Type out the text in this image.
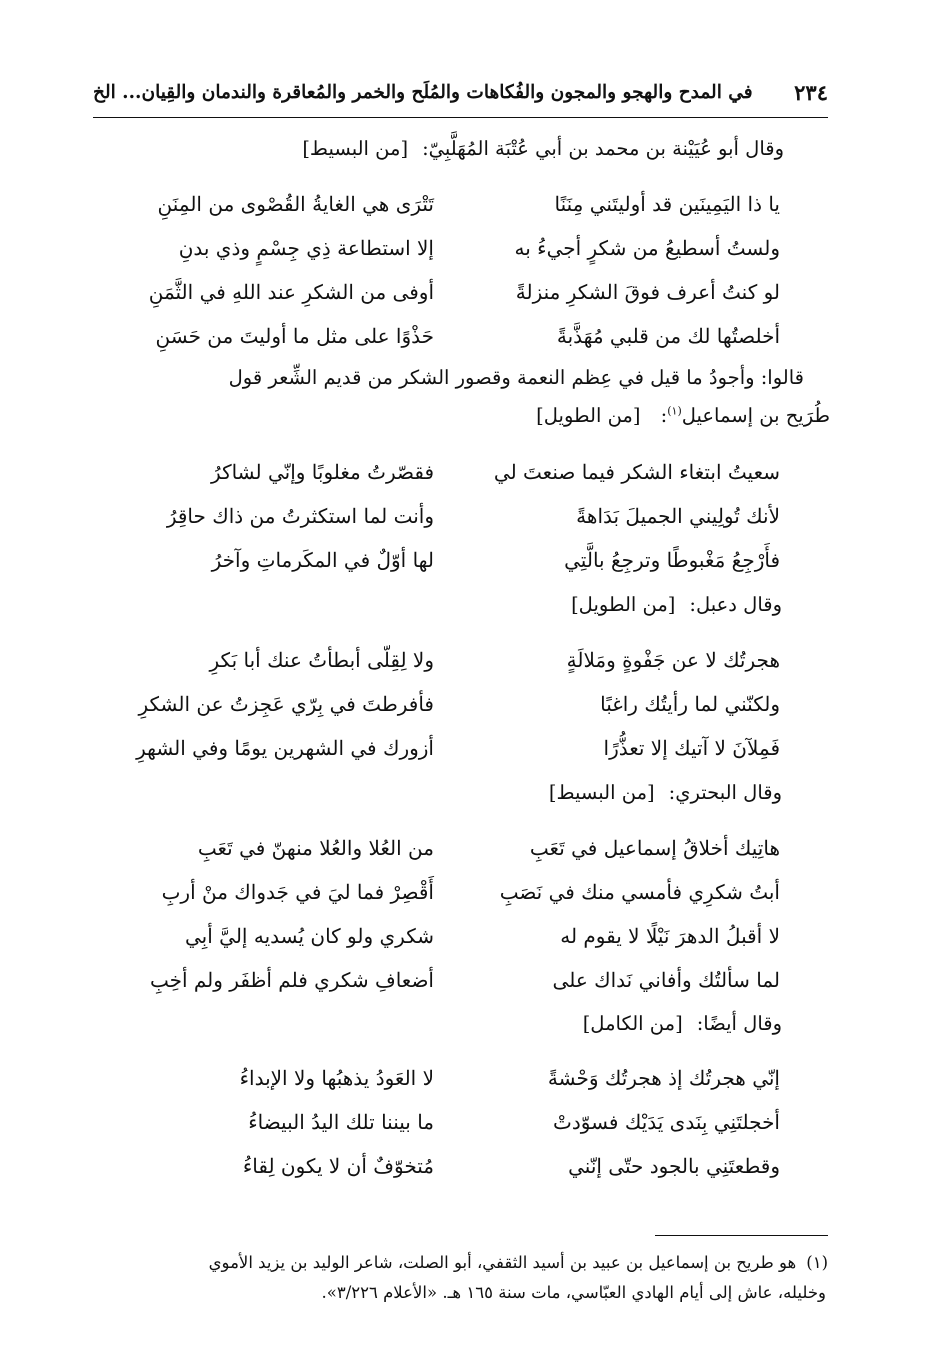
٢٣٤
في المدح والهجو والمجون والفُكاهات والمُلَح والخمر والمُعاقرة والندمان والقِيان... الخ
وقال أبو عُيَيْنة بن محمد بن أبي عُتْبَة المُهَلَّبِيّ:[من البسيط]
يا ذا اليَمِينَين قد أوليتَني مِنَنًا
تَتْرَى هي الغايةُ القُصْوى من المِنَنِ
ولستُ أسطيعُ من شكرٍ أجيءُ به
إلا استطاعة ذِي جِسْمٍ وذي بدنِ
لو كنتُ أعرف فوقَ الشكرِ منزلةً
أوفى من الشكرِ عند اللهِ في الثَّمَنِ
أخلصتُها لك من قلبي مُهَذَّبةً
حَذْوًا على مثل ما أوليتَ من حَسَنِ
قالوا: وأجودُ ما قيل في عِظم النعمة وقصور الشكر من قديم الشِّعر قول
طُرَيح بن إسماعيل$^{(١)}$: [من الطويل]
سعيتُ ابتغاء الشكر فيما صنعتَ لي
فقصّرتُ مغلوبًا وإنّي لشاكرُ
لأنك تُولِيني الجميلَ بَدَاهةً
وأنت لما استكثرتُ من ذاك حاقِرُ
فأَرْجِعُ مَغْبوطًا وترجِعُ بالَّتِي
لها أوّلٌ في المكَرماتِ وآخرُ
وقال دعبل:[من الطويل]
هجرتُك لا عن جَفْوةٍ ومَلالَةٍ
ولا لِقِلّى أبطأتُ عنك أبا بَكرِ
ولكنّني لما رأيتُك راغبًا
فأفرطتَ في بِرّي عَجِزتُ عن الشكرِ
فَمِلآنَ لا آتيك إلا تعذُّرًا
أزورك في الشهرين يومًا وفي الشهرِ
وقال البحتري:[من البسيط]
هاتِيك أخلاقُ إسماعيل في تَعَبِ
من العُلا والعُلا منهنّ في تَعَبِ
أبتُ شكرِي فأمسي منك في نَصَبِ
أَقْصِرْ فما ليَ في جَدواك منْ أربِ
لا أقبلُ الدهرَ نَيْلًا لا يقوم له
شكري ولو كان يُسديه إليَّ أبِي
لما سألتُك وأفاني نَداك على
أضعافِ شكري فلم أظفَر ولم أخِبِ
وقال أيضًا:[من الكامل]
إنّي هجرتُك إذ هجرتُك وَحْشةً
لا العَودُ يذهبُها ولا الإبداءُ
أخجلتَنِي بِنَدى يَدَيْك فسوّدتْ
ما بيننا تلك اليدُ البيضاءُ
وقطعتَنِي بالجود حتّى إنّني
مُتخوّفٌ أن لا يكون لِقاءُ
(١)هو طريح بن إسماعيل بن عبيد بن أسيد الثقفي، أبو الصلت، شاعر الوليد بن يزيد الأموي
وخليله، عاش إلى أيام الهادي العبّاسي، مات سنة ١٦٥ هـ. «الأعلام ٣/٢٢٦».
